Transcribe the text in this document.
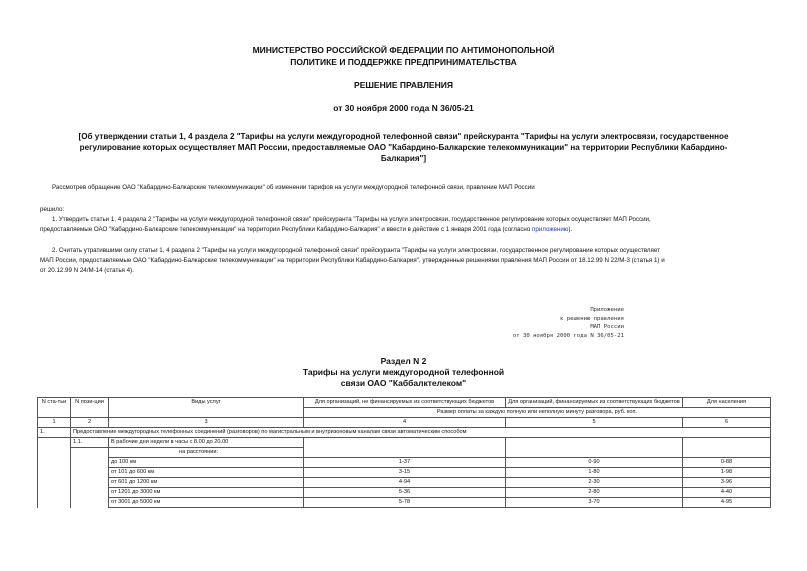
МИНИСТЕРСТВО РОССИЙСКОЙ ФЕДЕРАЦИИ ПО АНТИМОНОПОЛЬНОЙ
ПОЛИТИКЕ И ПОДДЕРЖКЕ ПРЕДПРИНИМАТЕЛЬСТВА
РЕШЕНИЕ ПРАВЛЕНИЯ
от 30 ноября 2000 года N 36/05-21
[Об утверждении статьи 1, 4 раздела 2 "Тарифы на услуги междугородной телефонной связи" прейскуранта "Тарифы на услуги электросвязи, государственное
регулирование которых осуществляет МАП России, предоставляемые ОАО "Кабардино-Балкарские телекоммуникации" на территории Республики Кабардино-
Балкария"]
Рассмотрев обращение ОАО "Кабардино-Балкарские телекоммуникации" об изменении тарифов на услуги междугородной телефонной связи, правление МАП России
решило:
1. Утвердить статьи 1, 4 раздела 2 "Тарифы на услуги междугородной телефонной связи" прейскуранта "Тарифы на услуги электросвязи, государственное регулирование которых осуществляет МАП России,
предоставляемые ОАО "Кабардино-Балкарские телекоммуникации" на территории Республики Кабардино-Балкария" и ввести в действие с 1 января 2001 года (согласно приложению).
2. Считать утратившими силу статьи 1, 4 раздела 2 "Тарифы на услуги междугородной телефонной связи" прейскуранта "Тарифы на услуги электросвязи, государственное регулирование которых осуществляет
МАП России, предоставляемые ОАО "Кабардино-Балкарские телекоммуникации" на территории Республики Кабардино-Балкария", утвержденные решениями правления МАП России от 18.12.99 N 22/М-3 (статья 1) и
от 20.12.99 N 24/М-14 (статья 4).
Приложение
к решению правления
МАП России
от 30 ноября 2000 года N 36/05-21
Раздел N 2
Тарифы на услуги междугородной телефонной
связи ОАО "Каббалктелеком"
N ста-тьи	N пози-ции	Виды услуг	Для организаций, не финансируемых из соответствующих бюджетов	Для организаций, финансируемых из соответствующих бюджетов	Для населения
			Размер оплаты за каждую полную или неполную минуту разговора, руб. коп.		
1	2	3	4	5	6
1.	Предоставление междугородных телефонных соединений (разговоров) по магистральным и внутризоновым каналам связи автоматическим способом				
	1.1.	В рабочие дни недели в часы с 8.00 до 20.00			
		на расстоянии:			
		до 100 км	1-37	0-90	0-88
		от 101 до 600 км	3-15	1-80	1-98
		от 601 до 1200 км	4-94	2-30	3-96
		от 1201 до 3000 км	5-36	2-80	4-40
		от 3001 до 5000 км	5-78	3-70	4-95
